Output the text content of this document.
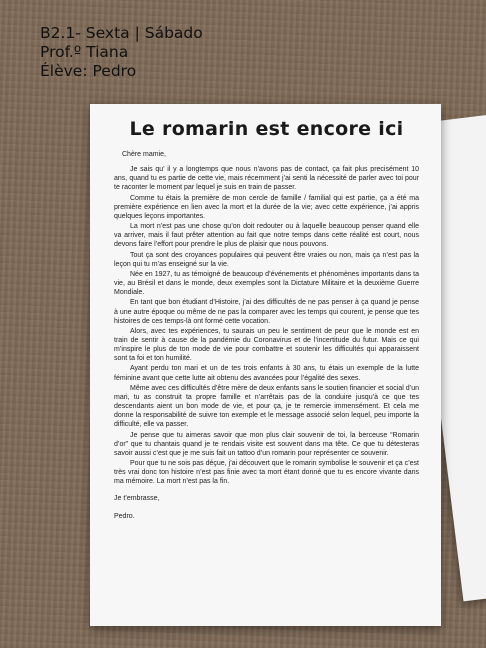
B2.1- Sexta | Sábado
Prof.º Tiana
Élève: Pedro
Le romarin est encore ici

Chère mamie,

Je sais qu’ il y a longtemps que nous n’avons pas de contact, ça fait plus precisément 10 ans, quand tu es partie de cette vie, mais récemment j’ai senti la nécessité de parler avec toi pour te raconter le moment par lequel je suis en train de passer.

Comme tu étais la première de mon cercle de famille / familial qui est partie, ça a été ma première expérience en lien avec la mort et la durée de la vie; avec cette expérience, j’ai appris quelques leçons importantes.

La mort n’est pas une chose qu’on doit redouter ou à laquelle beaucoup penser quand elle va arriver, mais il faut prêter attention au fait que notre temps dans cette réalité est court, nous devons faire l’effort pour prendre le plus de plaisir que nous pouvons.

Tout ça sont des croyances populaires qui peuvent être vraies ou non, mais ça n’est pas la leçon qui tu m’as enseigné sur la vie.

Née en 1927, tu as témoigné de beaucoup d’événements et phénomènes importants dans ta vie, au Brésil et dans le monde, deux exemples sont la Dictature Militaire et la deuxième Guerre Mondiale.

En tant que bon étudiant d’Histoire, j’ai des difficultés de ne pas penser à ça quand je pense à une autre époque ou même de ne pas la comparer avec les temps qui courent, je pense que tes histoires de ces temps-là ont formé cette vocation.

Alors, avec tes expériences, tu saurais un peu le sentiment de peur que le monde est en train de sentir à cause de la pandémie du Coronavirus et de l’incertitude du futur. Mais ce qui m’inspire le plus de ton mode de vie pour combattre et soutenir les difficultés qui apparaissent sont ta foi et ton humilité.

Ayant perdu ton mari et un de tes trois enfants à 30 ans, tu étais un exemple de la lutte féminine avant que cette lutte ait obtenu des avancées pour l’égalité des sexes.

Même avec ces difficultés d’être mère de deux enfants sans le soutien financier et social d’un mari, tu as construit ta propre famille et n’arrêtais pas de la conduire jusqu’à ce que tes descendants aient un bon mode de vie, et pour ça, je te remercie immensément. Et cela me donne la responsabilité de suivre ton exemple et le message associé selon lequel, peu importe la difficulté, elle va passer.

Je pense que tu aimeras savoir que mon plus clair souvenir de toi, la berceuse “Romarin d’or” que tu chantais quand je te rendais visite est souvent dans ma tête. Ce que tu détesteras savoir aussi c’est que je me suis fait un tattoo d’un romarin pour représenter ce souvenir.

Pour que tu ne sois pas déçue, j’ai découvert que le romarin symbolise le souvenir et ça c’est très vrai donc ton histoire n’est pas finie avec ta mort étant donné que tu es encore vivante dans ma mémoire. La mort n’est pas la fin.

Je t’embrasse,

Pedro.
